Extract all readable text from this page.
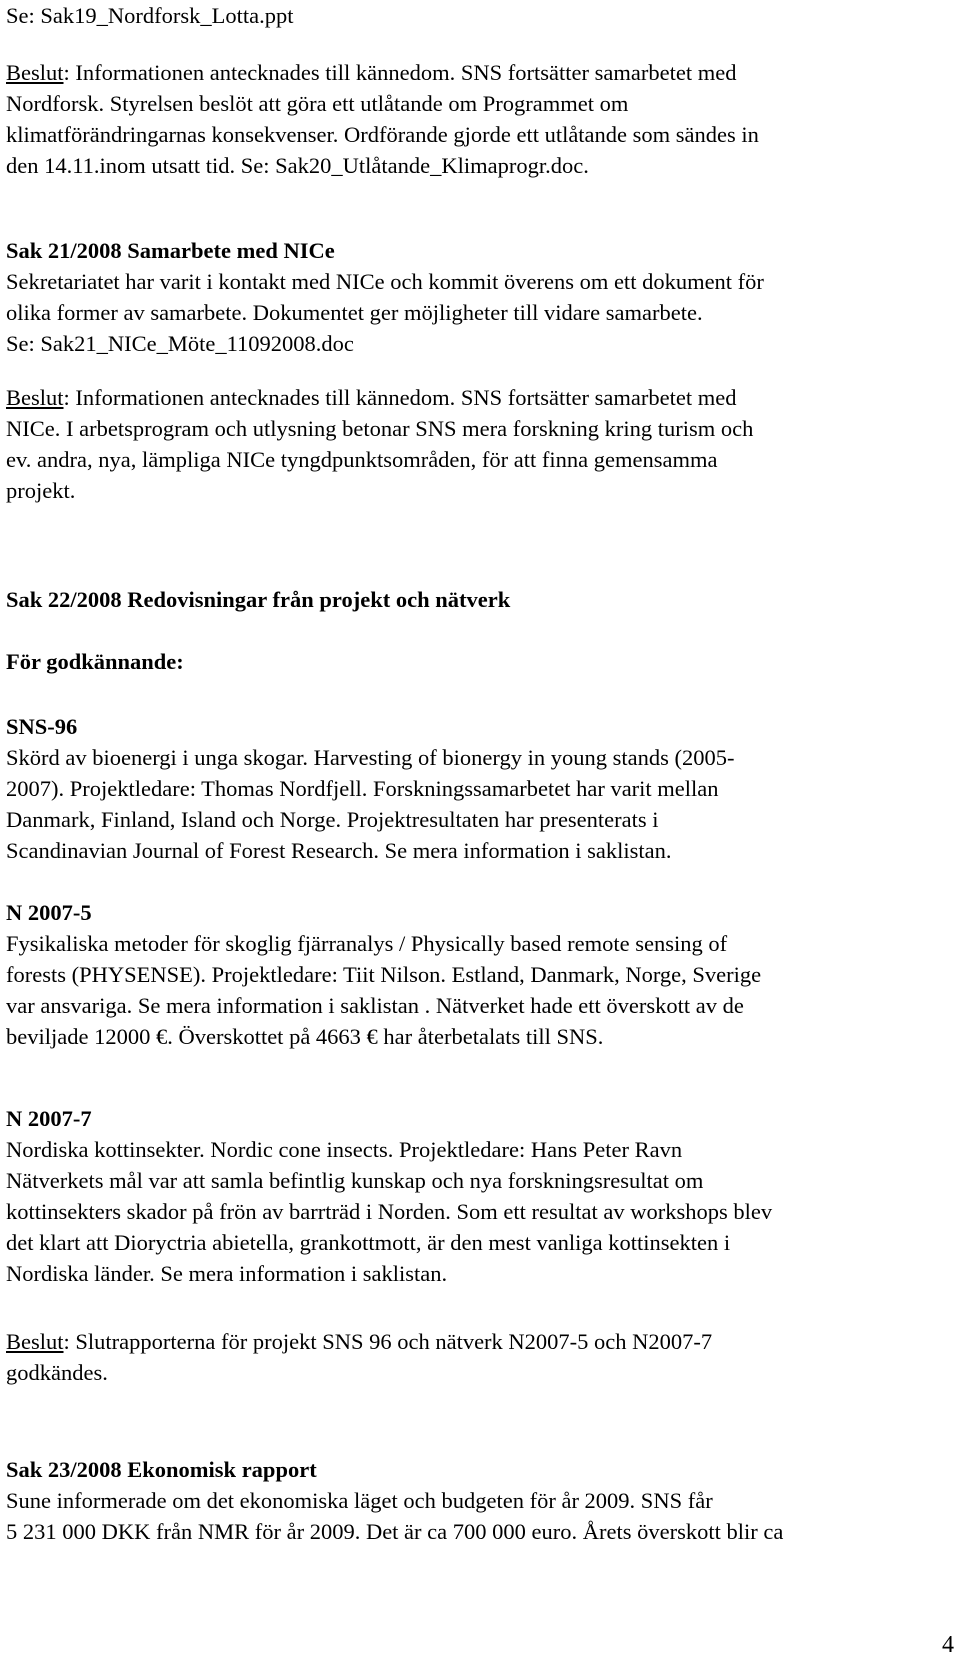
Se: Sak19_Nordforsk_Lotta.ppt

Beslut: Informationen antecknades till kännedom. SNS fortsätter samarbetet med
Nordforsk. Styrelsen beslöt att göra ett utlåtande om Programmet om
klimatförändringarnas konsekvenser. Ordförande gjorde ett utlåtande som sändes in
den 14.11.inom utsatt tid. Se: Sak20_Utlåtande_Klimaprogr.doc.

Sak 21/2008 Samarbete med NICe
Sekretariatet har varit i kontakt med NICe och kommit överens om ett dokument för
olika former av samarbete. Dokumentet ger möjligheter till vidare samarbete.
Se: Sak21_NICe_Möte_11092008.doc

Beslut: Informationen antecknades till kännedom. SNS fortsätter samarbetet med
NICe. I arbetsprogram och utlysning betonar SNS mera forskning kring turism och
ev. andra, nya, lämpliga NICe tyngdpunktsområden, för att finna gemensamma
projekt.

Sak 22/2008 Redovisningar från projekt och nätverk

För godkännande:

SNS-96
Skörd av bioenergi i unga skogar. Harvesting of bionergy in young stands (2005-
2007). Projektledare: Thomas Nordfjell. Forskningssamarbetet har varit mellan
Danmark, Finland, Island och Norge. Projektresultaten har presenterats i
Scandinavian Journal of Forest Research. Se mera information i saklistan.

N 2007-5
Fysikaliska metoder för skoglig fjärranalys / Physically based remote sensing of
forests (PHYSENSE). Projektledare: Tiit Nilson. Estland, Danmark, Norge, Sverige
var ansvariga. Se mera information i saklistan . Nätverket hade ett överskott av de
beviljade 12000 €. Överskottet på 4663 € har återbetalats till SNS.

N 2007-7
Nordiska kottinsekter. Nordic cone insects. Projektledare: Hans Peter Ravn
Nätverkets mål var att samla befintlig kunskap och nya forskningsresultat om
kottinsekters skador på frön av barrträd i Norden. Som ett resultat av workshops blev
det klart att Dioryctria abietella, grankottmott, är den mest vanliga kottinsekten i
Nordiska länder. Se mera information i saklistan.

Beslut: Slutrapporterna för projekt SNS 96 och nätverk N2007-5 och N2007-7
godkändes.

Sak 23/2008 Ekonomisk rapport
Sune informerade om det ekonomiska läget och budgeten för år 2009. SNS får
5 231 000 DKK från NMR för år 2009. Det är ca 700 000 euro. Årets överskott blir ca

4
